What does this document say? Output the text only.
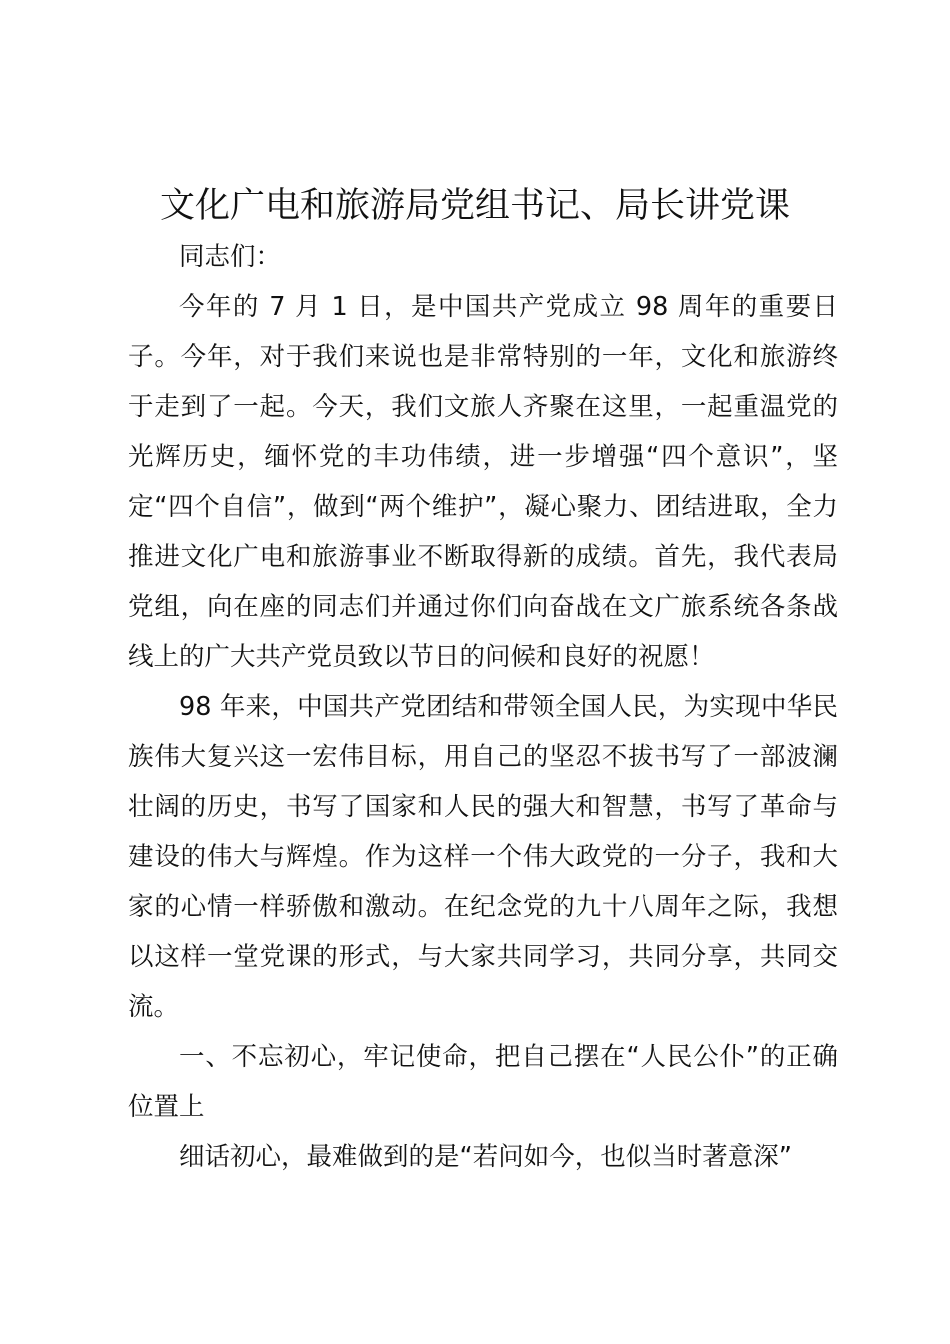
文化广电和旅游局党组书记、局长讲党课

同志们：

今年的 7 月 1 日，是中国共产党成立 98 周年的重要日子。今年，对于我们来说也是非常特别的一年，文化和旅游终于走到了一起。今天，我们文旅人齐聚在这里，一起重温党的光辉历史，缅怀党的丰功伟绩，进一步增强“四个意识”，坚定“四个自信”，做到“两个维护”，凝心聚力、团结进取，全力推进文化广电和旅游事业不断取得新的成绩。首先，我代表局党组，向在座的同志们并通过你们向奋战在文广旅系统各条战线上的广大共产党员致以节日的问候和良好的祝愿！

98 年来，中国共产党团结和带领全国人民，为实现中华民族伟大复兴这一宏伟目标，用自己的坚忍不拔书写了一部波澜壮阔的历史，书写了国家和人民的强大和智慧，书写了革命与建设的伟大与辉煌。作为这样一个伟大政党的一分子，我和大家的心情一样骄傲和激动。在纪念党的九十八周年之际，我想以这样一堂党课的形式，与大家共同学习，共同分享，共同交流。

一、不忘初心，牢记使命，把自己摆在“人民公仆”的正确位置上

细话初心，最难做到的是“若问如今，也似当时著意深”
